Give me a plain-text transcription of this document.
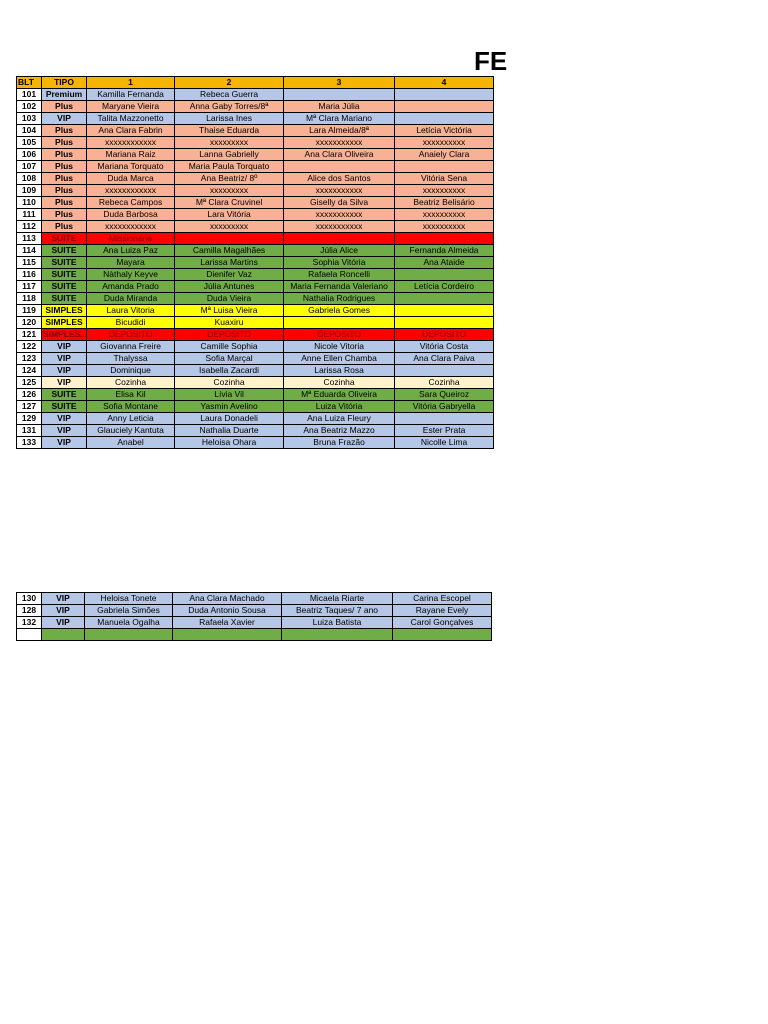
FE
BLT	TIPO	1	2	3	4
101	Premium	Kamilla Fernanda	Rebeca Guerra		
102	Plus	Maryane Vieira	Anna Gaby Torres/8ª	Maria Júlia	
103	VIP	Talita Mazzonetto	Larissa Ines	Mª Clara Mariano	
104	Plus	Ana Clara Fabrin	Thaise Eduarda	Lara Almeida/8ª	Letícia Victória
105	Plus	xxxxxxxxxxxx	xxxxxxxxx	xxxxxxxxxxx	xxxxxxxxxx
106	Plus	Mariana Raiz	Lanna Gabrielly	Ana Clara Oliveira	Anaiely Clara
107	Plus	Mariana Torquato	Maria Paula Torquato		
108	Plus	Duda Marca	Ana Beatriz/ 8º	Alice dos Santos	Vitória Sena
109	Plus	xxxxxxxxxxxx	xxxxxxxxx	xxxxxxxxxxx	xxxxxxxxxx
110	Plus	Rebeca Campos	Mª Clara Cruvinel	Giselly da Silva	Beatriz Belisário
111	Plus	Duda Barbosa	Lara Vitória	xxxxxxxxxxx	xxxxxxxxxx
112	Plus	xxxxxxxxxxxx	xxxxxxxxx	xxxxxxxxxxx	xxxxxxxxxx
113	SUITE	Missionária			
114	SUITE	Ana Luiza Paz	Camilla Magalhães	Júlia Alice	Fernanda Almeida
115	SUITE	Mayara	Larissa Martins	Sophia Vitória	Ana Ataide
116	SUITE	Nàthaly Keyve	Dienifer Vaz	Rafaela Roncelli	
117	SUITE	Amanda Prado	Júlia Antunes	Maria Fernanda Valeriano	Letícia Cordeiro
118	SUITE	Duda Miranda	Duda Vieira	Nathalia Rodrigues	
119	SIMPLES	Laura Vitoria	Mª Luisa Vieira	Gabriela Gomes	
120	SIMPLES	Bicudidi	Kuaxiru		
121	SIMPLES..	DEPOSITO	DEPOSITO	DEPOSITO	DEPOSITO
122	VIP	Giovanna Freire	Camille Sophia	Nicole Vitoria	Vitória Costa
123	VIP	Thalyssa	Sofia Marçal	Anne Ellen Chamba	Ana Clara Paiva
124	VIP	Dominique	Isabella Zacardi	Larissa Rosa	
125	VIP	Cozinha	Cozinha	Cozinha	Cozinha
126	SUITE	Elisa Kil	Lívia Vil	Mª Eduarda Oliveira	Sara Queiroz
127	SUITE	Sofia Montane	Yasmin Avelino	Luiza Vitória	Vitória Gabryella
129	VIP	Anny Leticia	Laura Donadeli	Ana Luiza Fleury	
131	VIP	Glauciely Kantuta	Nathalia Duarte	Ana Beatriz Mazzo	Ester Prata
133	VIP	Anabel	Heloisa Ohara	Bruna Frazão	Nicolle Lima
130	VIP	Heloisa Tonete	Ana Clara Machado	Micaela Riarte	Carina Escopel
128	VIP	Gabriela Simões	Duda Antonio Sousa	Beatriz Taques/ 7 ano	Rayane Evely
132	VIP	Manuela Ogalha	Rafaela Xavier	Luiza Batista	Carol Gonçalves
